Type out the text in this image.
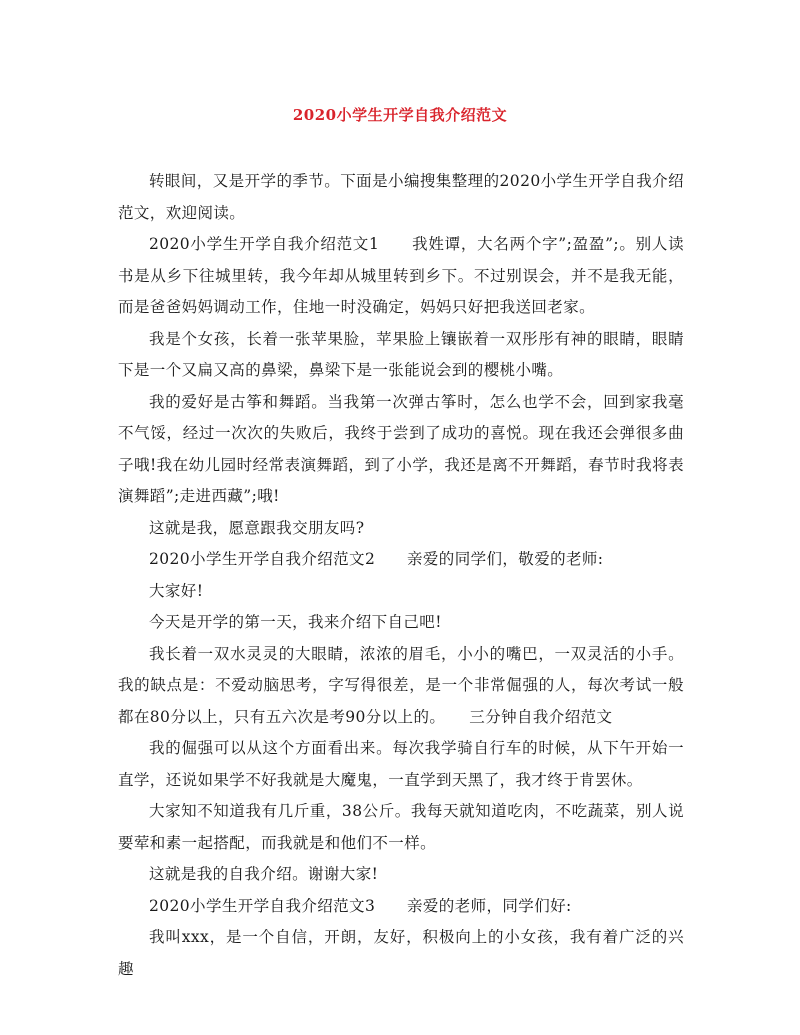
2020小学生开学自我介绍范文

转眼间，又是开学的季节。下面是小编搜集整理的2020小学生开学自我介绍范文，欢迎阅读。

2020小学生开学自我介绍范文1　　我姓谭，大名两个字”;盈盈”;。别人读书是从乡下往城里转，我今年却从城里转到乡下。不过别误会，并不是我无能，而是爸爸妈妈调动工作，住地一时没确定，妈妈只好把我送回老家。

我是个女孩，长着一张苹果脸，苹果脸上镶嵌着一双彤彤有神的眼睛，眼睛下是一个又扁又高的鼻梁，鼻梁下是一张能说会到的樱桃小嘴。

我的爱好是古筝和舞蹈。当我第一次弹古筝时，怎么也学不会，回到家我毫不气馁，经过一次次的失败后，我终于尝到了成功的喜悦。现在我还会弹很多曲子哦!我在幼儿园时经常表演舞蹈，到了小学，我还是离不开舞蹈，春节时我将表演舞蹈”;走进西藏”;哦!

这就是我，愿意跟我交朋友吗?

2020小学生开学自我介绍范文2　　亲爱的同学们，敬爱的老师:

大家好!

今天是开学的第一天，我来介绍下自己吧!

我长着一双水灵灵的大眼睛，浓浓的眉毛，小小的嘴巴，一双灵活的小手。我的缺点是：不爱动脑思考，字写得很差，是一个非常倔强的人，每次考试一般都在80分以上，只有五六次是考90分以上的。　　三分钟自我介绍范文

我的倔强可以从这个方面看出来。每次我学骑自行车的时候，从下午开始一直学，还说如果学不好我就是大魔鬼，一直学到天黑了，我才终于肯罢休。

大家知不知道我有几斤重，38公斤。我每天就知道吃肉，不吃蔬菜，别人说要荤和素一起搭配，而我就是和他们不一样。

这就是我的自我介绍。谢谢大家!

2020小学生开学自我介绍范文3　　亲爱的老师，同学们好:

我叫xxx，是一个自信，开朗，友好，积极向上的小女孩，我有着广泛的兴趣
